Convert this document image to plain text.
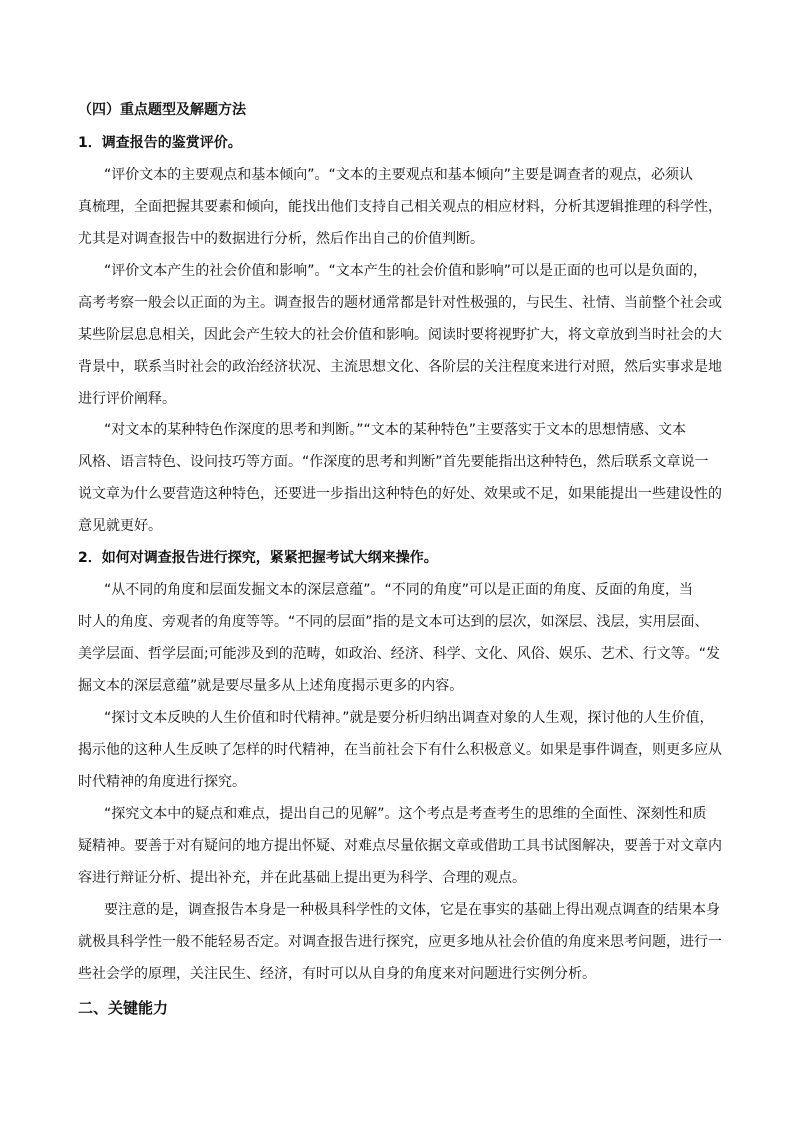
（四）重点题型及解题方法
1．调查报告的鉴赏评价。
“评价文本的主要观点和基本倾向”。“文本的主要观点和基本倾向”主要是调查者的观点，必须认
真梳理，全面把握其要素和倾向，能找出他们支持自己相关观点的相应材料，分析其逻辑推理的科学性，
尤其是对调查报告中的数据进行分析，然后作出自己的价值判断。
“评价文本产生的社会价值和影响”。“文本产生的社会价值和影响”可以是正面的也可以是负面的，
高考考察一般会以正面的为主。调查报告的题材通常都是针对性极强的，与民生、社情、当前整个社会或
某些阶层息息相关，因此会产生较大的社会价值和影响。阅读时要将视野扩大，将文章放到当时社会的大
背景中，联系当时社会的政治经济状况、主流思想文化、各阶层的关注程度来进行对照，然后实事求是地
进行评价阐释。
“对文本的某种特色作深度的思考和判断。”“文本的某种特色”主要落实于文本的思想情感、文本
风格、语言特色、设问技巧等方面。“作深度的思考和判断”首先要能指出这种特色，然后联系文章说一
说文章为什么要营造这种特色，还要进一步指出这种特色的好处、效果或不足，如果能提出一些建设性的
意见就更好。
2．如何对调查报告进行探究，紧紧把握考试大纲来操作。
“从不同的角度和层面发掘文本的深层意蕴”。“不同的角度”可以是正面的角度、反面的角度，当
时人的角度、旁观者的角度等等。“不同的层面”指的是文本可达到的层次，如深层、浅层，实用层面、
美学层面、哲学层面;可能涉及到的范畴，如政治、经济、科学、文化、风俗、娱乐、艺术、行文等。“发
掘文本的深层意蕴”就是要尽量多从上述角度揭示更多的内容。
“探讨文本反映的人生价值和时代精神。”就是要分析归纳出调查对象的人生观，探讨他的人生价值，
揭示他的这种人生反映了怎样的时代精神，在当前社会下有什么积极意义。如果是事件调查，则更多应从
时代精神的角度进行探究。
“探究文本中的疑点和难点，提出自己的见解”。这个考点是考查考生的思维的全面性、深刻性和质
疑精神。要善于对有疑问的地方提出怀疑、对难点尽量依据文章或借助工具书试图解决，要善于对文章内
容进行辩证分析、提出补充，并在此基础上提出更为科学、合理的观点。
要注意的是，调查报告本身是一种极具科学性的文体，它是在事实的基础上得出观点调查的结果本身
就极具科学性一般不能轻易否定。对调查报告进行探究，应更多地从社会价值的角度来思考问题，进行一
些社会学的原理，关注民生、经济，有时可以从自身的角度来对问题进行实例分析。
二、关键能力
